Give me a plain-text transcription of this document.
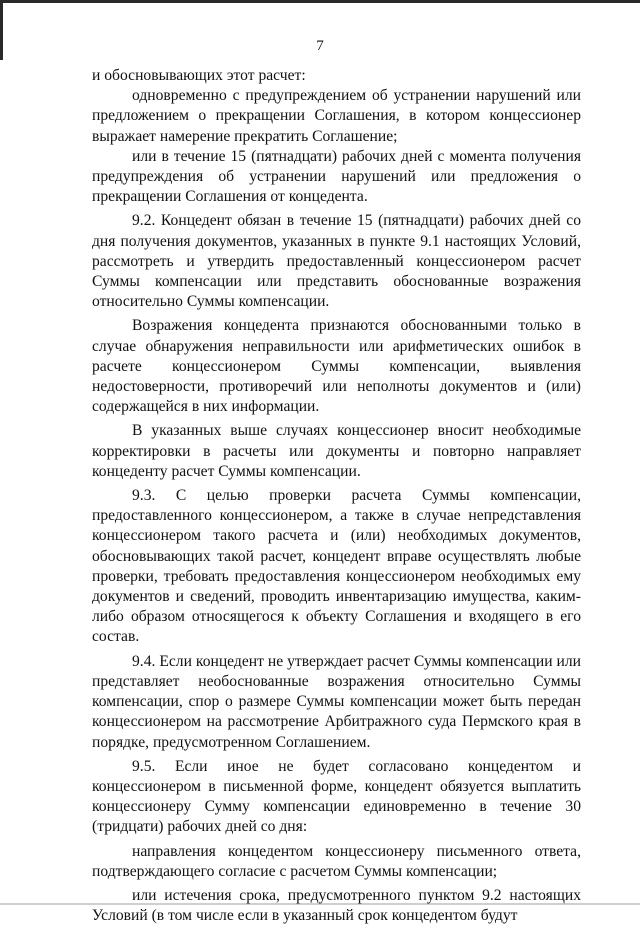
7

и обосновывающих этот расчет:

одновременно с предупреждением об устранении нарушений или предложением о прекращении Соглашения, в котором концессионер выражает намерение прекратить Соглашение;

или в течение 15 (пятнадцати) рабочих дней с момента получения предупреждения об устранении нарушений или предложения о прекращении Соглашения от концедента.

9.2. Концедент обязан в течение 15 (пятнадцати) рабочих дней со дня получения документов, указанных в пункте 9.1 настоящих Условий, рассмотреть и утвердить предоставленный концессионером расчет Суммы компенсации или представить обоснованные возражения относительно Суммы компенсации.

Возражения концедента признаются обоснованными только в случае обнаружения неправильности или арифметических ошибок в расчете концессионером Суммы компенсации, выявления недостоверности, противоречий или неполноты документов и (или) содержащейся в них информации.

В указанных выше случаях концессионер вносит необходимые корректировки в расчеты или документы и повторно направляет концеденту расчет Суммы компенсации.

9.3. С целью проверки расчета Суммы компенсации, предоставленного концессионером, а также в случае непредставления концессионером такого расчета и (или) необходимых документов, обосновывающих такой расчет, концедент вправе осуществлять любые проверки, требовать предоставления концессионером необходимых ему документов и сведений, проводить инвентаризацию имущества, каким-либо образом относящегося к объекту Соглашения и входящего в его состав.

9.4. Если концедент не утверждает расчет Суммы компенсации или представляет необоснованные возражения относительно Суммы компенсации, спор о размере Суммы компенсации может быть передан концессионером на рассмотрение Арбитражного суда Пермского края в порядке, предусмотренном Соглашением.

9.5. Если иное не будет согласовано концедентом и концессионером в письменной форме, концедент обязуется выплатить концессионеру Сумму компенсации единовременно в течение 30 (тридцати) рабочих дней со дня:

направления концедентом концессионеру письменного ответа, подтверждающего согласие с расчетом Суммы компенсации;

или истечения срока, предусмотренного пунктом 9.2 настоящих Условий (в том числе если в указанный срок концедентом будут
